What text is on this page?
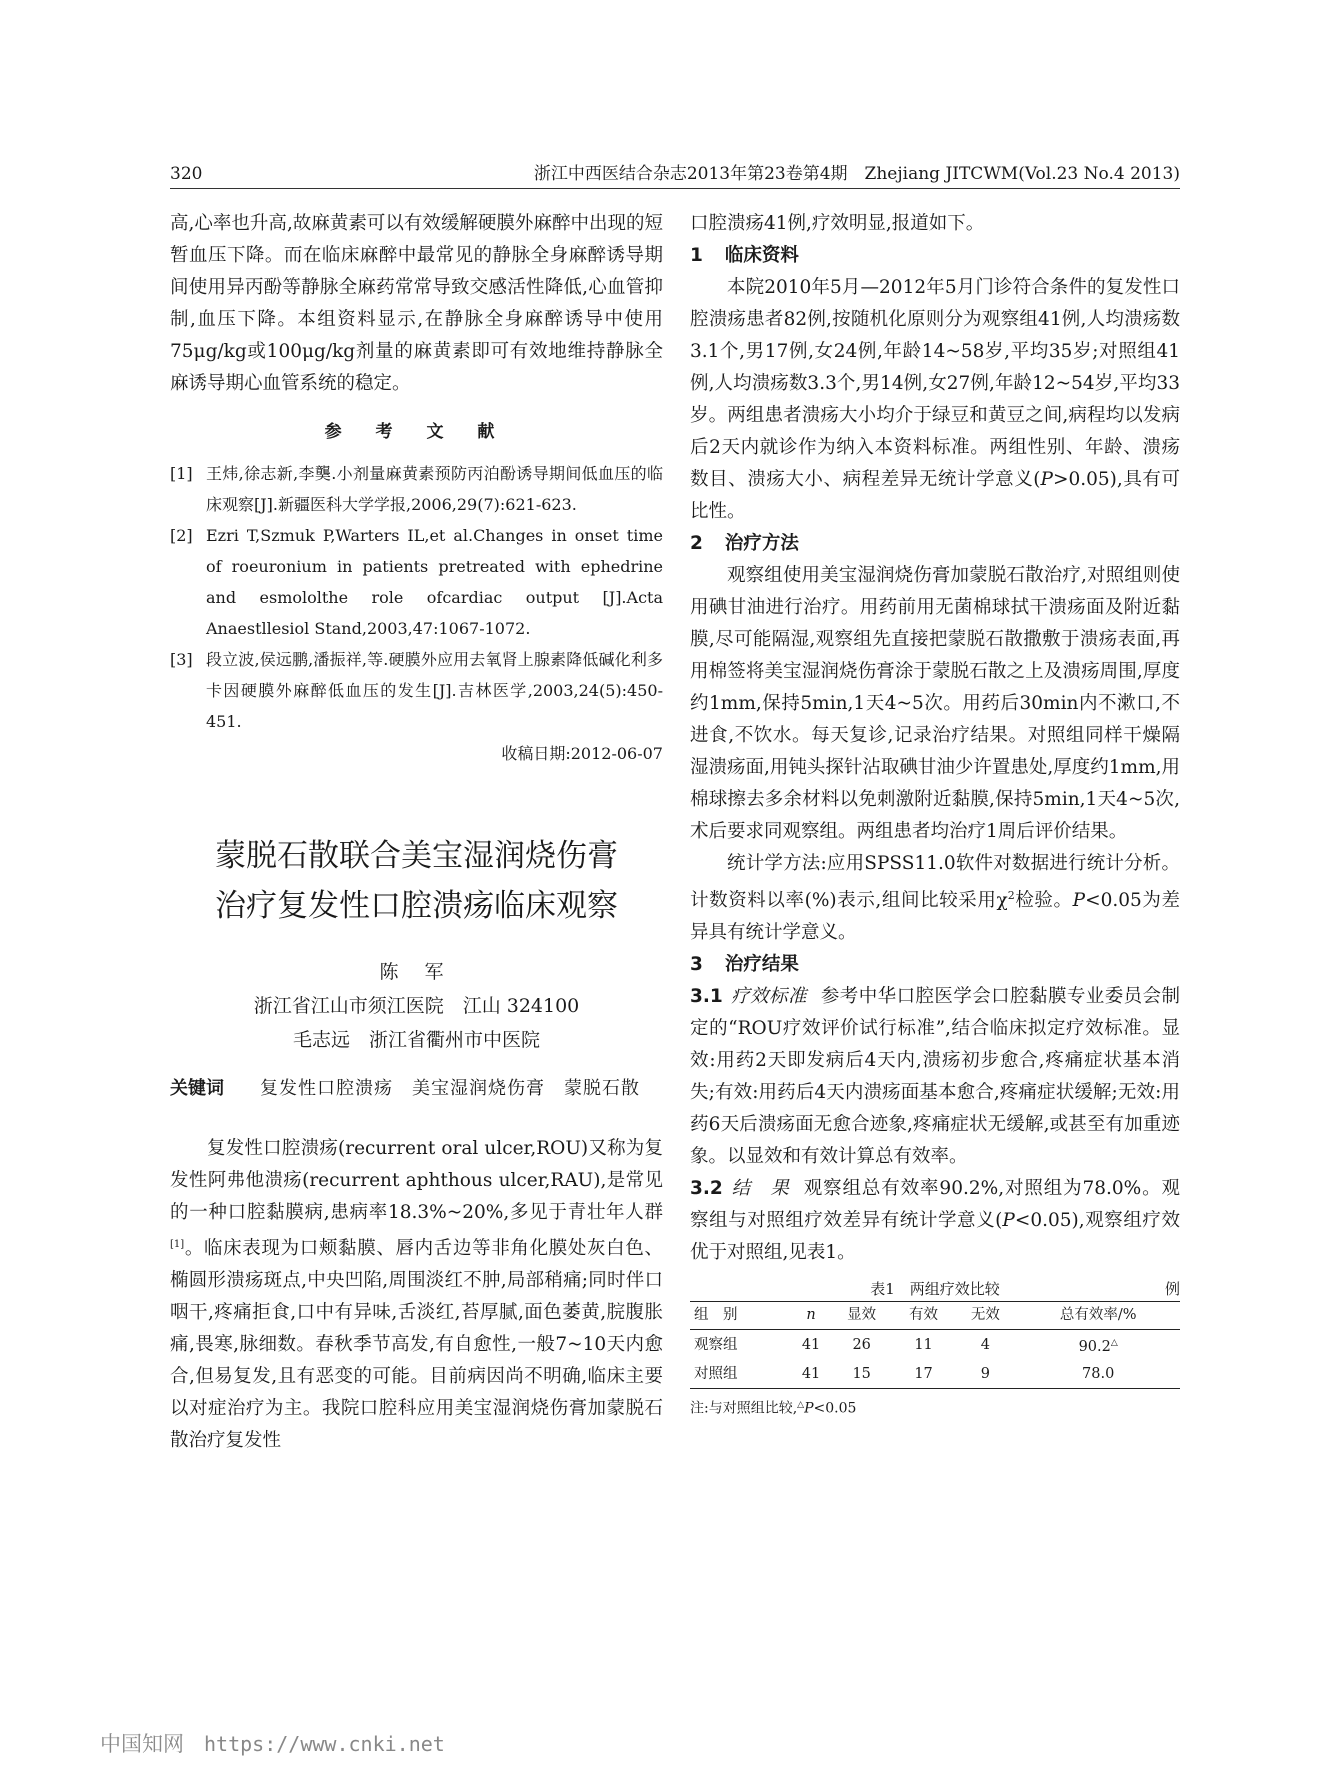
320	浙江中西医结合杂志2013年第23卷第4期　Zhejiang JITCWM(Vol.23 No.4 2013)

高,心率也升高,故麻黄素可以有效缓解硬膜外麻醉中出现的短暂血压下降。而在临床麻醉中最常见的静脉全身麻醉诱导期间使用异丙酚等静脉全麻药常常导致交感活性降低,心血管抑制,血压下降。本组资料显示,在静脉全身麻醉诱导中使用75μg/kg或100μg/kg剂量的麻黄素即可有效地维持静脉全麻诱导期心血管系统的稳定。

参 考 文 献
[1] 王炜,徐志新,李龑.小剂量麻黄素预防丙泊酚诱导期间低血压的临床观察[J].新疆医科大学学报,2006,29(7):621-623.
[2] Ezri T,Szmuk P,Warters IL,et al.Changes in onset time of roeuronium in patients pretreated with ephedrine and esmololthe role ofcardiac output [J].Acta Anaestllesiol Stand,2003,47:1067-1072.
[3] 段立波,侯远鹏,潘振祥,等.硬膜外应用去氧肾上腺素降低碱化利多卡因硬膜外麻醉低血压的发生[J].吉林医学,2003,24(5):450-451.
收稿日期:2012-06-07
蒙脱石散联合美宝湿润烧伤膏
治疗复发性口腔溃疡临床观察
陈 军
浙江省江山市须江医院　江山 324100
毛志远　浙江省衢州市中医院
关键词	复发性口腔溃疡　美宝湿润烧伤膏　蒙脱石散

复发性口腔溃疡(recurrent oral ulcer,ROU)又称为复发性阿弗他溃疡(recurrent aphthous ulcer,RAU),是常见的一种口腔黏膜病,患病率18.3%~20%,多见于青壮年人群[1]。临床表现为口颊黏膜、唇内舌边等非角化膜处灰白色、椭圆形溃疡斑点,中央凹陷,周围淡红不肿,局部稍痛;同时伴口咽干,疼痛拒食,口中有异味,舌淡红,苔厚腻,面色萎黄,脘腹胀痛,畏寒,脉细数。春秋季节高发,有自愈性,一般7~10天内愈合,但易复发,且有恶变的可能。目前病因尚不明确,临床主要以对症治疗为主。我院口腔科应用美宝湿润烧伤膏加蒙脱石散治疗复发性

口腔溃疡41例,疗效明显,报道如下。

1 临床资料

本院2010年5月—2012年5月门诊符合条件的复发性口腔溃疡患者82例,按随机化原则分为观察组41例,人均溃疡数3.1个,男17例,女24例,年龄14~58岁,平均35岁;对照组41例,人均溃疡数3.3个,男14例,女27例,年龄12~54岁,平均33岁。两组患者溃疡大小均介于绿豆和黄豆之间,病程均以发病后2天内就诊作为纳入本资料标准。两组性别、年龄、溃疡数目、溃疡大小、病程差异无统计学意义(P>0.05),具有可比性。

2 治疗方法

观察组使用美宝湿润烧伤膏加蒙脱石散治疗,对照组则使用碘甘油进行治疗。用药前用无菌棉球拭干溃疡面及附近黏膜,尽可能隔湿,观察组先直接把蒙脱石散撒敷于溃疡表面,再用棉签将美宝湿润烧伤膏涂于蒙脱石散之上及溃疡周围,厚度约1mm,保持5min,1天4~5次。用药后30min内不漱口,不进食,不饮水。每天复诊,记录治疗结果。对照组同样干燥隔湿溃疡面,用钝头探针沾取碘甘油少许置患处,厚度约1mm,用棉球擦去多余材料以免刺激附近黏膜,保持5min,1天4~5次,术后要求同观察组。两组患者均治疗1周后评价结果。

统计学方法:应用SPSS11.0软件对数据进行统计分析。计数资料以率(%)表示,组间比较采用$\chi^2$检验。P<0.05为差异具有统计学意义。

3 治疗结果

3.1 疗效标准 参考中华口腔医学会口腔黏膜专业委员会制定的“ROU疗效评价试行标准”,结合临床拟定疗效标准。显效:用药2天即发病后4天内,溃疡初步愈合,疼痛症状基本消失;有效:用药后4天内溃疡面基本愈合,疼痛症状缓解;无效:用药6天后溃疡面无愈合迹象,疼痛症状无缓解,或甚至有加重迹象。以显效和有效计算总有效率。

3.2 结　果 观察组总有效率90.2%,对照组为78.0%。观察组与对照组疗效差异有统计学意义(P<0.05),观察组疗效优于对照组,见表1。

表1　两组疗效比较	例
组　别	n	显效	有效	无效	总有效率/%
观察组	41	26	11	4	90.2△
对照组	41	15	17	9	78.0
注:与对照组比较,△P<0.05
中国知网 https://www.cnki.net
